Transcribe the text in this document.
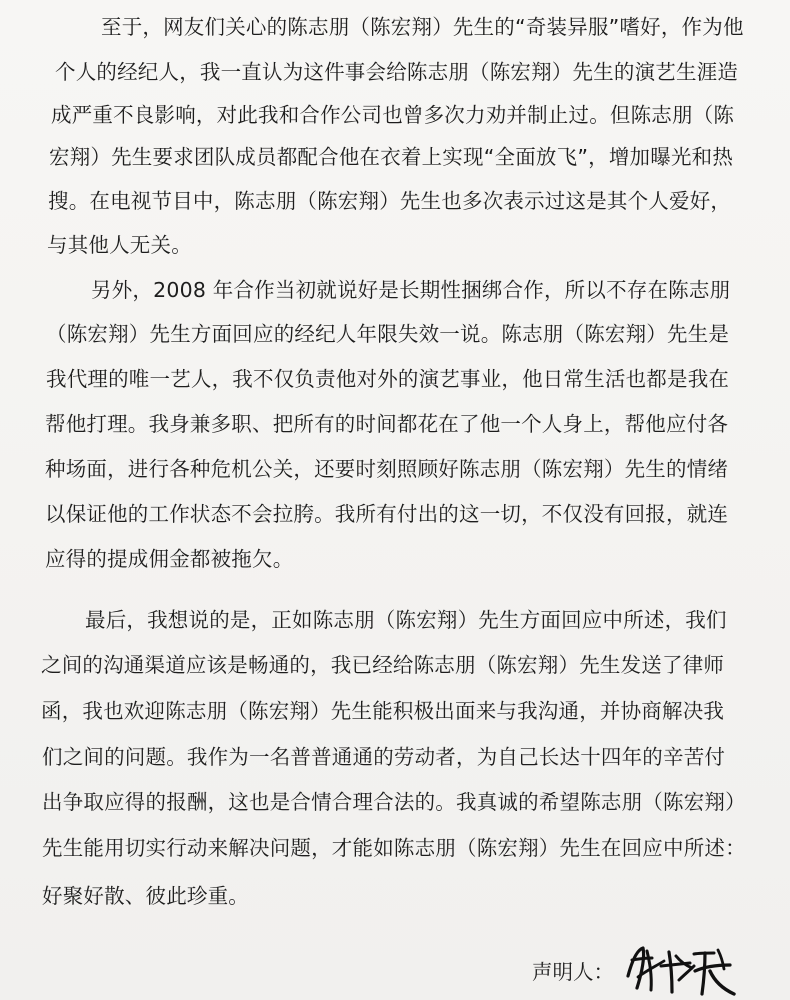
至于，网友们关心的陈志朋（陈宏翔）先生的“奇装异服”嗜好，作为他
个人的经纪人，我一直认为这件事会给陈志朋（陈宏翔）先生的演艺生涯造
成严重不良影响，对此我和合作公司也曾多次力劝并制止过。但陈志朋（陈
宏翔）先生要求团队成员都配合他在衣着上实现“全面放飞”，增加曝光和热
搜。在电视节目中，陈志朋（陈宏翔）先生也多次表示过这是其个人爱好，
与其他人无关。
另外，2008 年合作当初就说好是长期性捆绑合作，所以不存在陈志朋
（陈宏翔）先生方面回应的经纪人年限失效一说。陈志朋（陈宏翔）先生是
我代理的唯一艺人，我不仅负责他对外的演艺事业，他日常生活也都是我在
帮他打理。我身兼多职、把所有的时间都花在了他一个人身上，帮他应付各
种场面，进行各种危机公关，还要时刻照顾好陈志朋（陈宏翔）先生的情绪
以保证他的工作状态不会拉胯。我所有付出的这一切，不仅没有回报，就连
应得的提成佣金都被拖欠。
最后，我想说的是，正如陈志朋（陈宏翔）先生方面回应中所述，我们
之间的沟通渠道应该是畅通的，我已经给陈志朋（陈宏翔）先生发送了律师
函，我也欢迎陈志朋（陈宏翔）先生能积极出面来与我沟通，并协商解决我
们之间的问题。我作为一名普普通通的劳动者，为自己长达十四年的辛苦付
出争取应得的报酬，这也是合情合理合法的。我真诚的希望陈志朋（陈宏翔）
先生能用切实行动来解决问题，才能如陈志朋（陈宏翔）先生在回应中所述：
好聚好散、彼此珍重。
声明人：
